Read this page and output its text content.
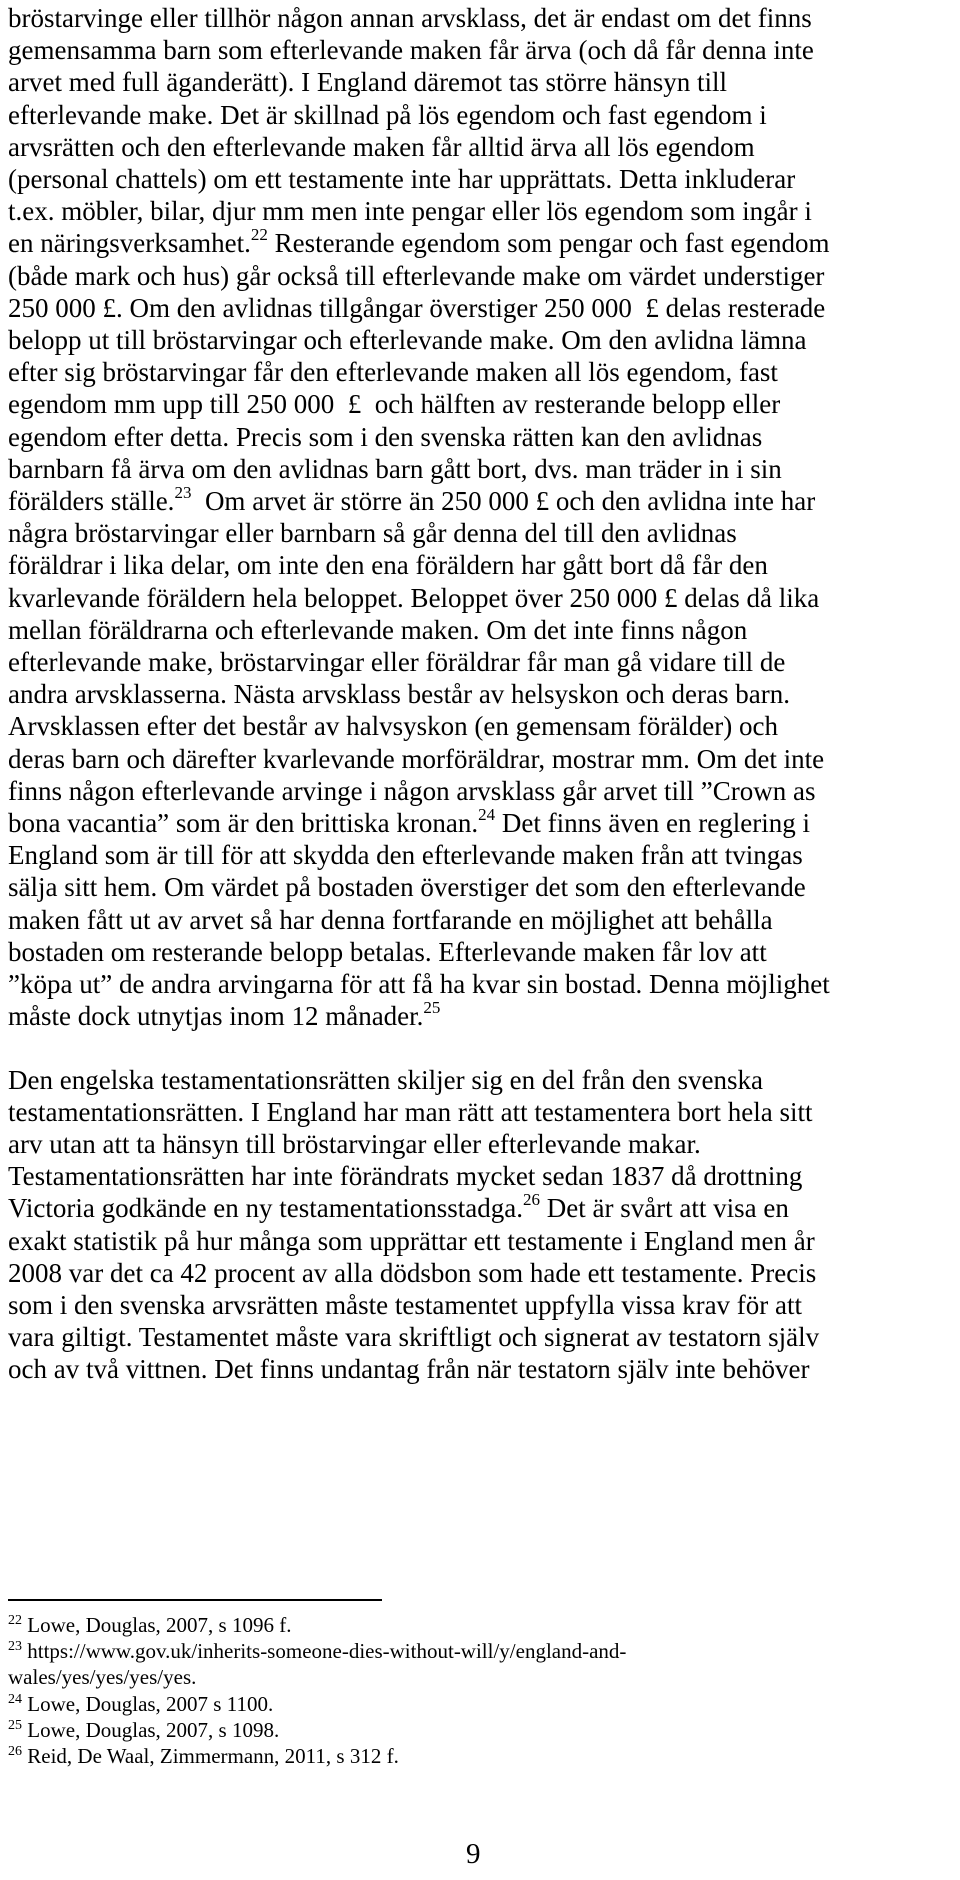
bröstarvinge eller tillhör någon annan arvsklass, det är endast om det finns
gemensamma barn som efterlevande maken får ärva (och då får denna inte
arvet med full äganderätt). I England däremot tas större hänsyn till
efterlevande make. Det är skillnad på lös egendom och fast egendom i
arvsrätten och den efterlevande maken får alltid ärva all lös egendom
(personal chattels) om ett testamente inte har upprättats. Detta inkluderar
t.ex. möbler, bilar, djur mm men inte pengar eller lös egendom som ingår i
en näringsverksamhet.$^{22}$ Resterande egendom som pengar och fast egendom
(både mark och hus) går också till efterlevande make om värdet understiger
250 000 £. Om den avlidnas tillgångar överstiger 250 000  £ delas resterade
belopp ut till bröstarvingar och efterlevande make. Om den avlidna lämna
efter sig bröstarvingar får den efterlevande maken all lös egendom, fast
egendom mm upp till 250 000  £  och hälften av resterande belopp eller
egendom efter detta. Precis som i den svenska rätten kan den avlidnas
barnbarn få ärva om den avlidnas barn gått bort, dvs. man träder in i sin
förälders ställe.$^{23}$  Om arvet är större än 250 000 £ och den avlidna inte har
några bröstarvingar eller barnbarn så går denna del till den avlidnas
föräldrar i lika delar, om inte den ena föräldern har gått bort då får den
kvarlevande föräldern hela beloppet. Beloppet över 250 000 £ delas då lika
mellan föräldrarna och efterlevande maken. Om det inte finns någon
efterlevande make, bröstarvingar eller föräldrar får man gå vidare till de
andra arvsklasserna. Nästa arvsklass består av helsyskon och deras barn.
Arvsklassen efter det består av halvsyskon (en gemensam förälder) och
deras barn och därefter kvarlevande morföräldrar, mostrar mm. Om det inte
finns någon efterlevande arvinge i någon arvsklass går arvet till ”Crown as
bona vacantia” som är den brittiska kronan.$^{24}$ Det finns även en reglering i
England som är till för att skydda den efterlevande maken från att tvingas
sälja sitt hem. Om värdet på bostaden överstiger det som den efterlevande
maken fått ut av arvet så har denna fortfarande en möjlighet att behålla
bostaden om resterande belopp betalas. Efterlevande maken får lov att
”köpa ut” de andra arvingarna för att få ha kvar sin bostad. Denna möjlighet
måste dock utnytjas inom 12 månader.$^{25}$
Den engelska testamentationsrätten skiljer sig en del från den svenska
testamentationsrätten. I England har man rätt att testamentera bort hela sitt
arv utan att ta hänsyn till bröstarvingar eller efterlevande makar.
Testamentationsrätten har inte förändrats mycket sedan 1837 då drottning
Victoria godkände en ny testamentationsstadga.$^{26}$ Det är svårt att visa en
exakt statistik på hur många som upprättar ett testamente i England men år
2008 var det ca 42 procent av alla dödsbon som hade ett testamente. Precis
som i den svenska arvsrätten måste testamentet uppfylla vissa krav för att
vara giltigt. Testamentet måste vara skriftligt och signerat av testatorn själv
och av två vittnen. Det finns undantag från när testatorn själv inte behöver
$^{22}$ Lowe, Douglas, 2007, s 1096 f.
$^{23}$ https://www.gov.uk/inherits-someone-dies-without-will/y/england-and-
wales/yes/yes/yes/yes.
$^{24}$ Lowe, Douglas, 2007 s 1100.
$^{25}$ Lowe, Douglas, 2007, s 1098.
$^{26}$ Reid, De Waal, Zimmermann, 2011, s 312 f.
9
